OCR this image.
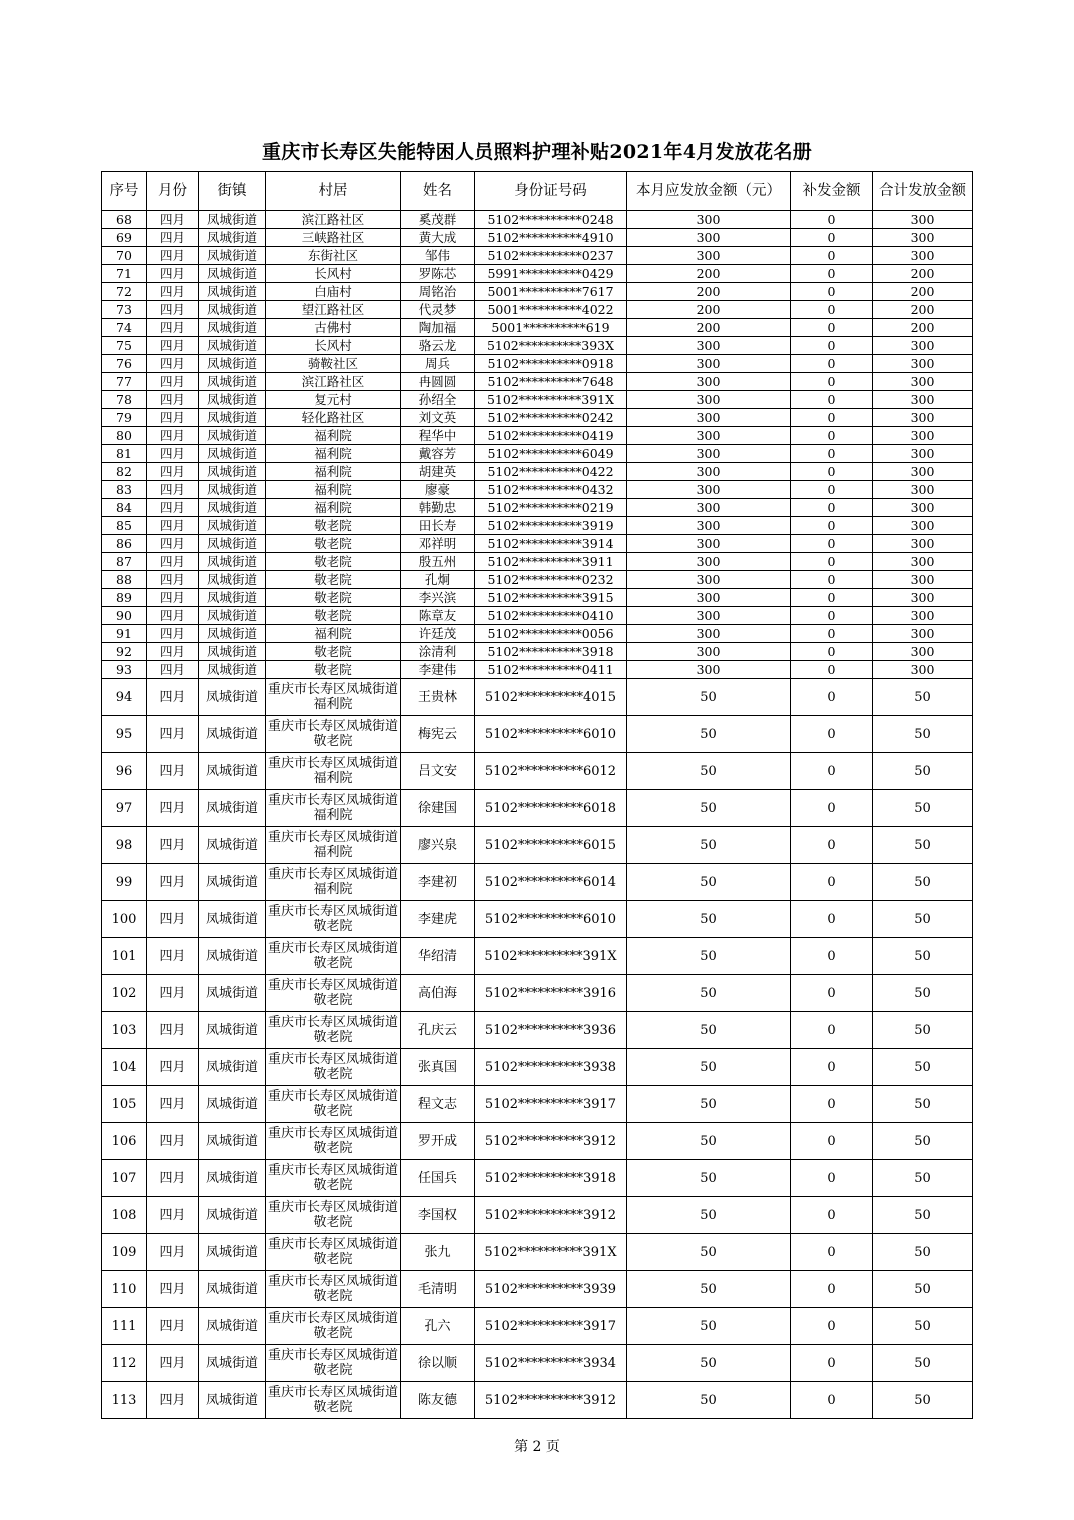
重庆市长寿区失能特困人员照料护理补贴2021年4月发放花名册
序号	月份	街镇	村居	姓名	身份证号码	本月应发放金额（元）	补发金额	合计发放金额
68	四月	凤城街道	滨江路社区	奚茂群	5102**********0248	300	0	300
69	四月	凤城街道	三峡路社区	黄大成	5102**********4910	300	0	300
70	四月	凤城街道	东街社区	邹伟	5102**********0237	300	0	300
71	四月	凤城街道	长风村	罗陈芯	5991**********0429	200	0	200
72	四月	凤城街道	白庙村	周铭治	5001**********7617	200	0	200
73	四月	凤城街道	望江路社区	代灵梦	5001**********4022	200	0	200
74	四月	凤城街道	古佛村	陶加福	5001**********619	200	0	200
75	四月	凤城街道	长风村	骆云龙	5102**********393X	300	0	300
76	四月	凤城街道	骑鞍社区	周兵	5102**********0918	300	0	300
77	四月	凤城街道	滨江路社区	冉圆圆	5102**********7648	300	0	300
78	四月	凤城街道	复元村	孙绍全	5102**********391X	300	0	300
79	四月	凤城街道	轻化路社区	刘文英	5102**********0242	300	0	300
80	四月	凤城街道	福利院	程华中	5102**********0419	300	0	300
81	四月	凤城街道	福利院	戴容芳	5102**********6049	300	0	300
82	四月	凤城街道	福利院	胡建英	5102**********0422	300	0	300
83	四月	凤城街道	福利院	廖豪	5102**********0432	300	0	300
84	四月	凤城街道	福利院	韩勤忠	5102**********0219	300	0	300
85	四月	凤城街道	敬老院	田长寿	5102**********3919	300	0	300
86	四月	凤城街道	敬老院	邓祥明	5102**********3914	300	0	300
87	四月	凤城街道	敬老院	殷五州	5102**********3911	300	0	300
88	四月	凤城街道	敬老院	孔炯	5102**********0232	300	0	300
89	四月	凤城街道	敬老院	李兴滨	5102**********3915	300	0	300
90	四月	凤城街道	敬老院	陈章友	5102**********0410	300	0	300
91	四月	凤城街道	福利院	许廷茂	5102**********0056	300	0	300
92	四月	凤城街道	敬老院	涂清利	5102**********3918	300	0	300
93	四月	凤城街道	敬老院	李建伟	5102**********0411	300	0	300
94	四月	凤城街道	重庆市长寿区凤城街道福利院	王贵林	5102**********4015	50	0	50
95	四月	凤城街道	重庆市长寿区凤城街道敬老院	梅宪云	5102**********6010	50	0	50
96	四月	凤城街道	重庆市长寿区凤城街道福利院	吕文安	5102**********6012	50	0	50
97	四月	凤城街道	重庆市长寿区凤城街道福利院	徐建国	5102**********6018	50	0	50
98	四月	凤城街道	重庆市长寿区凤城街道福利院	廖兴泉	5102**********6015	50	0	50
99	四月	凤城街道	重庆市长寿区凤城街道福利院	李建初	5102**********6014	50	0	50
100	四月	凤城街道	重庆市长寿区凤城街道敬老院	李建虎	5102**********6010	50	0	50
101	四月	凤城街道	重庆市长寿区凤城街道敬老院	华绍清	5102**********391X	50	0	50
102	四月	凤城街道	重庆市长寿区凤城街道敬老院	高伯海	5102**********3916	50	0	50
103	四月	凤城街道	重庆市长寿区凤城街道敬老院	孔庆云	5102**********3936	50	0	50
104	四月	凤城街道	重庆市长寿区凤城街道敬老院	张真国	5102**********3938	50	0	50
105	四月	凤城街道	重庆市长寿区凤城街道敬老院	程文志	5102**********3917	50	0	50
106	四月	凤城街道	重庆市长寿区凤城街道敬老院	罗开成	5102**********3912	50	0	50
107	四月	凤城街道	重庆市长寿区凤城街道敬老院	任国兵	5102**********3918	50	0	50
108	四月	凤城街道	重庆市长寿区凤城街道敬老院	李国权	5102**********3912	50	0	50
109	四月	凤城街道	重庆市长寿区凤城街道敬老院	张九	5102**********391X	50	0	50
110	四月	凤城街道	重庆市长寿区凤城街道敬老院	毛清明	5102**********3939	50	0	50
111	四月	凤城街道	重庆市长寿区凤城街道敬老院	孔六	5102**********3917	50	0	50
112	四月	凤城街道	重庆市长寿区凤城街道敬老院	徐以顺	5102**********3934	50	0	50
113	四月	凤城街道	重庆市长寿区凤城街道敬老院	陈友德	5102**********3912	50	0	50
第 2 页
